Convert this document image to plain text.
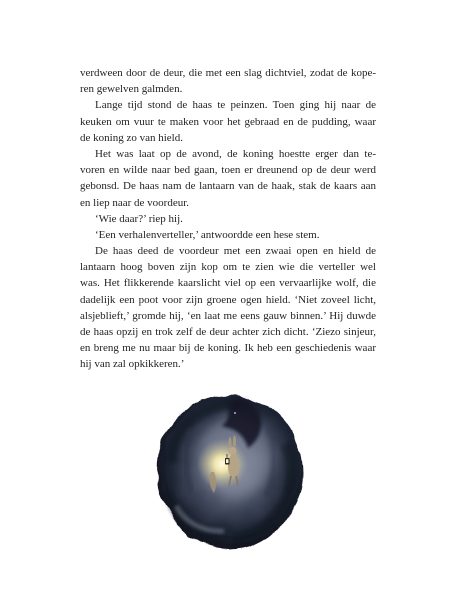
verdween door de deur, die met een slag dichtviel, zodat de kope-
ren gewelven galmden.
Lange tijd stond de haas te peinzen. Toen ging hij naar de
keuken om vuur te maken voor het gebraad en de pudding, waar
de koning zo van hield.
Het was laat op de avond, de koning hoestte erger dan te-
voren en wilde naar bed gaan, toen er dreunend op de deur werd
gebonsd. De haas nam de lantaarn van de haak, stak de kaars aan
en liep naar de voordeur.
‘Wie daar?’ riep hij.
‘Een verhalenverteller,’ antwoordde een hese stem.
De haas deed de voordeur met een zwaai open en hield de
lantaarn hoog boven zijn kop om te zien wie die verteller wel
was. Het flikkerende kaarslicht viel op een vervaarlijke wolf, die
dadelijk een poot voor zijn groene ogen hield. ‘Niet zoveel licht,
alsjeblieft,’ gromde hij, ‘en laat me eens gauw binnen.’ Hij duwde
de haas opzij en trok zelf de deur achter zich dicht. ‘Ziezo sinjeur,
en breng me nu maar bij de koning. Ik heb een geschiedenis waar
hij van zal opkikkeren.’
